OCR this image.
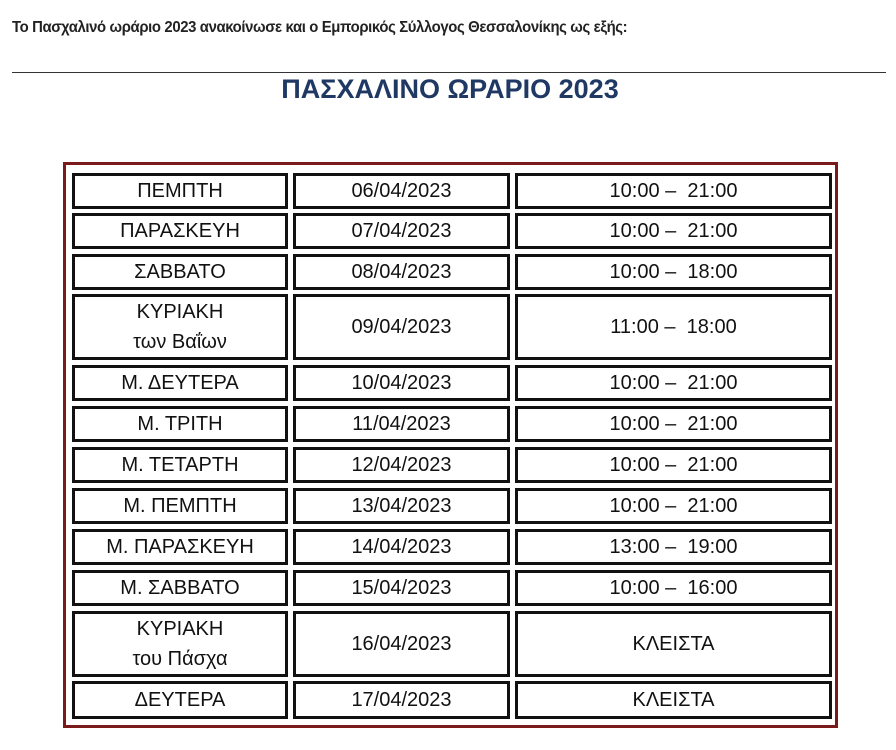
Το Πασχαλινό ωράριο 2023 ανακοίνωσε και ο Εμπορικός Σύλλογος Θεσσαλονίκης ως εξής:
ΠΑΣΧΑΛΙΝΟ ΩΡΑΡΙΟ 2023
ΠΕΜΠΤΗ	06/04/2023	10:00 –  21:00
ΠΑΡΑΣΚΕΥΗ	07/04/2023	10:00 –  21:00
ΣΑΒΒΑΤΟ	08/04/2023	10:00 –  18:00
ΚΥΡΙΑΚΗ
των Βαΐων
09/04/2023	11:00 –  18:00
Μ. ΔΕΥΤΕΡΑ	10/04/2023	10:00 –  21:00
Μ. ΤΡΙΤΗ	11/04/2023	10:00 –  21:00
Μ. ΤΕΤΑΡΤΗ	12/04/2023	10:00 –  21:00
Μ. ΠΕΜΠΤΗ	13/04/2023	10:00 –  21:00
Μ. ΠΑΡΑΣΚΕΥΗ	14/04/2023	13:00 –  19:00
Μ. ΣΑΒΒΑΤΟ	15/04/2023	10:00 –  16:00
ΚΥΡΙΑΚΗ
του Πάσχα
16/04/2023	ΚΛΕΙΣΤΑ
ΔΕΥΤΕΡΑ	17/04/2023	ΚΛΕΙΣΤΑ
